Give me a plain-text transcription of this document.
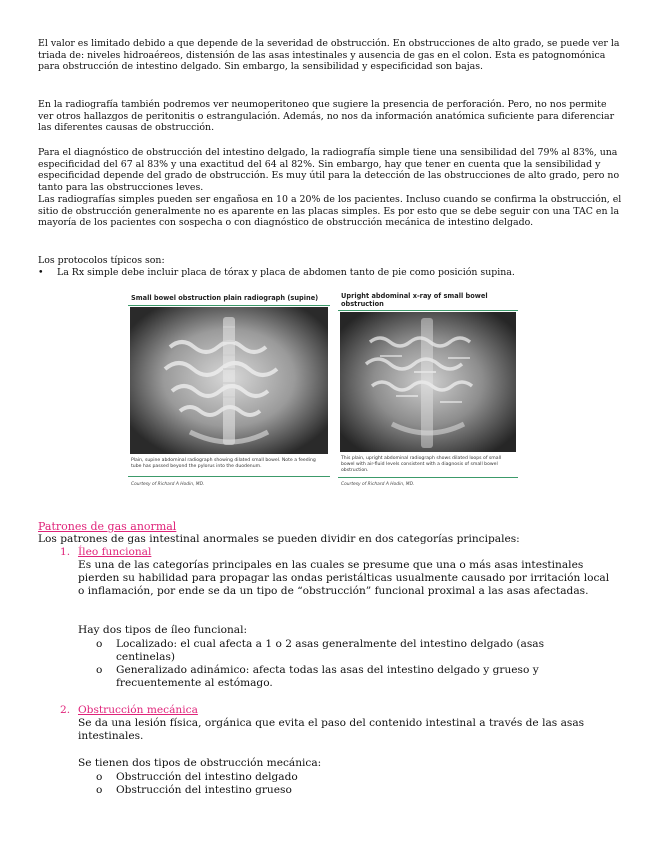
El valor es limitado debido a que depende de la severidad de obstrucción. En obstrucciones de alto grado, se puede ver la triada de: niveles hidroaéreos, distensión de las asas intestinales y ausencia de gas en el colon. Esta es patognomónica para obstrucción de intestino delgado. Sin embargo, la sensibilidad y especificidad son bajas.

En la radiografía también podremos ver neumoperitoneo que sugiere la presencia de perforación. Pero, no nos permite ver otros hallazgos de peritonitis o estrangulación. Además, no nos da información anatómica suficiente para diferenciar las diferentes causas de obstrucción.

Para el diagnóstico de obstrucción del intestino delgado, la radiografía simple tiene una sensibilidad del 79% al 83%, una especificidad del 67 al 83% y una exactitud del 64 al 82%. Sin embargo, hay que tener en cuenta que la sensibilidad y especificidad depende del grado de obstrucción. Es muy útil para la detección de las obstrucciones de alto grado, pero no tanto para las obstrucciones leves.

Las radiografías simples pueden ser engañosa en 10 a 20% de los pacientes. Incluso cuando se confirma la obstrucción, el sitio de obstrucción generalmente no es aparente en las placas simples. Es por esto que se debe seguir con una TAC en la mayoría de los pacientes con sospecha o con diagnóstico de obstrucción mecánica de intestino delgado.

Los protocolos típicos son:

• La Rx simple debe incluir placa de tórax y placa de abdomen tanto de pie como posición supina.
Small bowel obstruction plain radiograph (supine)
Plain, supine abdominal radiograph showing dilated small bowel. Note a feeding tube has passed beyond the pylorus into the duodenum.
Courtesy of Richard A Hodin, MD.
Upright abdominal x-ray of small bowel obstruction
This plain, upright abdominal radiograph shows dilated loops of small bowel with air-fluid levels consistent with a diagnosis of small bowel obstruction.
Courtesy of Richard A Hodin, MD.
Patrones de gas anormal

Los patrones de gas intestinal anormales se pueden dividir en dos categorías principales:

1. Íleo funcional

Es una de las categorías principales en las cuales se presume que una o más asas intestinales pierden su habilidad para propagar las ondas peristálticas usualmente causado por irritación local o inflamación, por ende se da un tipo de “obstrucción” funcional proximal a las asas afectadas.

Hay dos tipos de íleo funcional:

o Localizado: el cual afecta a 1 o 2 asas generalmente del intestino delgado (asas centinelas)

o Generalizado adinámico: afecta todas las asas del intestino delgado y grueso y frecuentemente al estómago.

2. Obstrucción mecánica

Se da una lesión física, orgánica que evita el paso del contenido intestinal a través de las asas intestinales.

Se tienen dos tipos de obstrucción mecánica:

o Obstrucción del intestino delgado

o Obstrucción del intestino grueso
